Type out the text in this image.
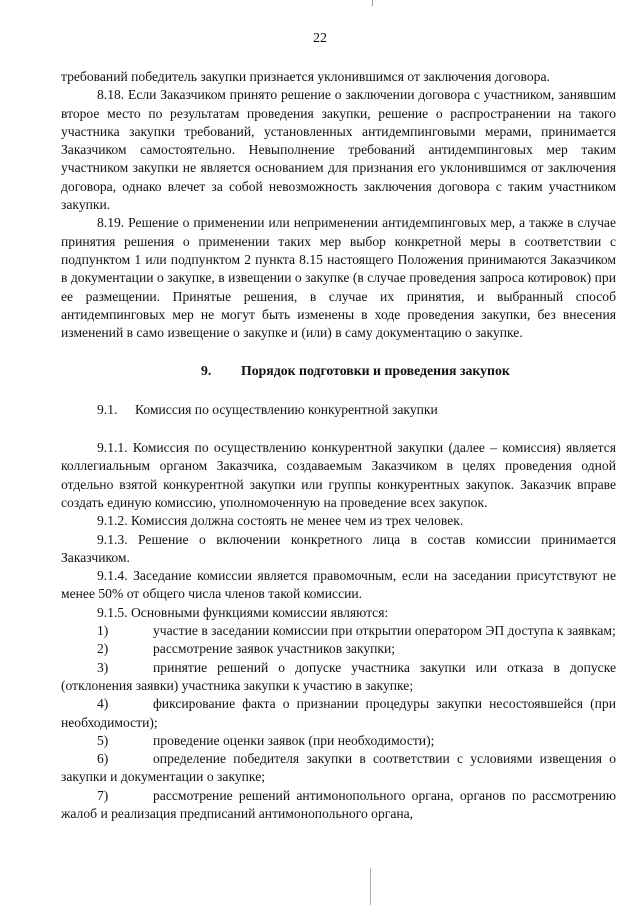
22

требований победитель закупки признается уклонившимся от заключения договора.

8.18. Если Заказчиком принято решение о заключении договора с участником, занявшим второе место по результатам проведения закупки, решение о распространении на такого участника закупки требований, установленных антидемпинговыми мерами, принимается Заказчиком самостоятельно. Невыполнение требований антидемпинговых мер таким участником закупки не является основанием для признания его уклонившимся от заключения договора, однако влечет за собой невозможность заключения договора с таким участником закупки.

8.19. Решение о применении или неприменении антидемпинговых мер, а также в случае принятия решения о применении таких мер выбор конкретной меры в соответствии с подпунктом 1 или подпунктом 2 пункта 8.15 настоящего Положения принимаются Заказчиком в документации о закупке, в извещении о закупке (в случае проведения запроса котировок) при ее размещении. Принятые решения, в случае их принятия, и выбранный способ антидемпинговых мер не могут быть изменены в ходе проведения закупки, без внесения изменений в само извещение о закупке и (или) в саму документацию о закупке.

9. Порядок подготовки и проведения закупок
9.1. Комиссия по осуществлению конкурентной закупки

9.1.1. Комиссия по осуществлению конкурентной закупки (далее – комиссия) является коллегиальным органом Заказчика, создаваемым Заказчиком в целях проведения одной отдельно взятой конкурентной закупки или группы конкурентных закупок. Заказчик вправе создать единую комиссию, уполномоченную на проведение всех закупок.

9.1.2. Комиссия должна состоять не менее чем из трех человек.

9.1.3. Решение о включении конкретного лица в состав комиссии принимается Заказчиком.

9.1.4. Заседание комиссии является правомочным, если на заседании присутствуют не менее 50% от общего числа членов такой комиссии.

9.1.5. Основными функциями комиссии являются:

1)	участие в заседании комиссии при открытии оператором ЭП доступа к заявкам;

2)	рассмотрение заявок участников закупки;

3)	принятие решений о допуске участника закупки или отказа в допуске (отклонения заявки) участника закупки к участию в закупке;

4)	фиксирование факта о признании процедуры закупки несостоявшейся (при необходимости);

5)	проведение оценки заявок (при необходимости);

6)	определение победителя закупки в соответствии с условиями извещения о закупки и документации о закупке;

7)	рассмотрение решений антимонопольного органа, органов по рассмотрению жалоб и реализация предписаний антимонопольного органа,
